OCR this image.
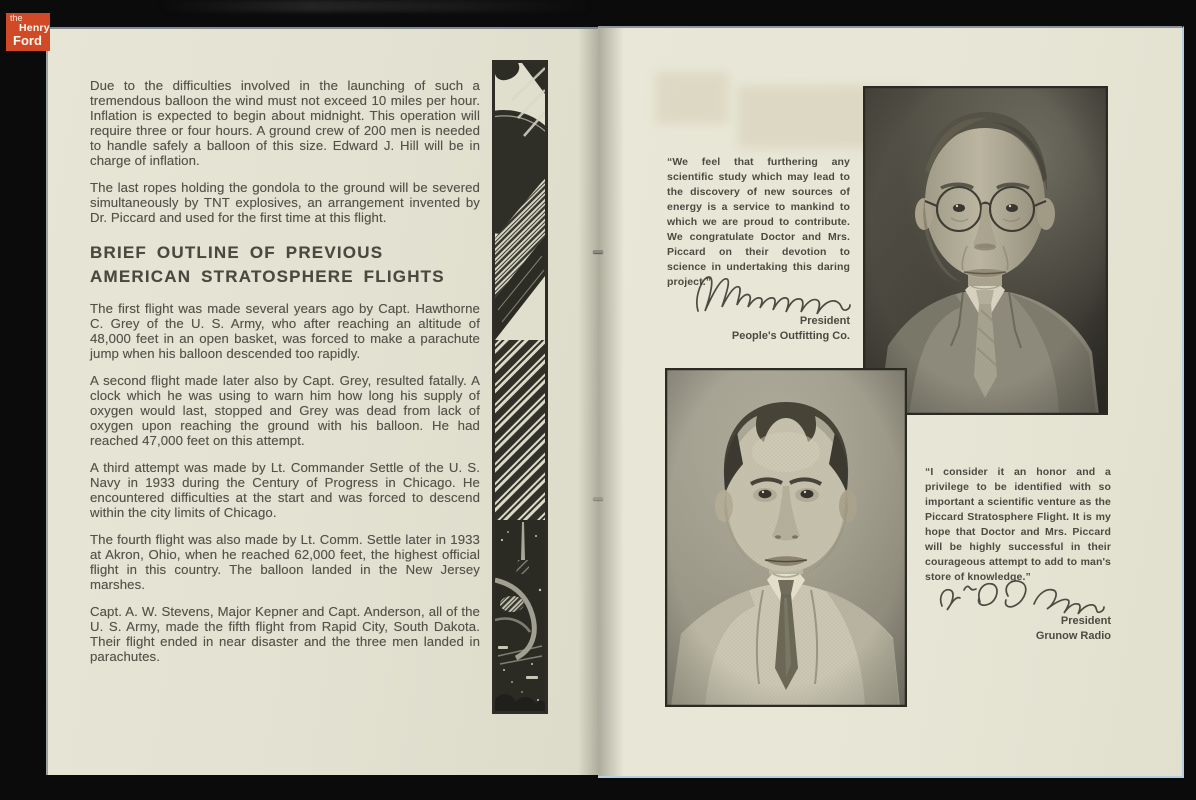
the
Henry
Ford

Due to the difficulties involved in the launching of such a tremendous balloon the wind must not exceed 10 miles per hour. Inflation is expected to begin about midnight. This operation will require three or four hours. A ground crew of 200 men is needed to handle safely a balloon of this size. Edward J. Hill will be in charge of inflation.

The last ropes holding the gondola to the ground will be severed simultaneously by TNT explosives, an arrangement invented by Dr. Piccard and used for the first time at this flight.

BRIEF OUTLINE OF PREVIOUS AMERICAN STRATOSPHERE FLIGHTS

The first flight was made several years ago by Capt. Hawthorne C. Grey of the U. S. Army, who after reaching an altitude of 48,000 feet in an open basket, was forced to make a parachute jump when his balloon descended too rapidly.

A second flight made later also by Capt. Grey, resulted fatally. A clock which he was using to warn him how long his supply of oxygen would last, stopped and Grey was dead from lack of oxygen upon reaching the ground with his balloon. He had reached 47,000 feet on this attempt.

A third attempt was made by Lt. Commander Settle of the U. S. Navy in 1933 during the Century of Progress in Chicago. He encountered difficulties at the start and was forced to descend within the city limits of Chicago.

The fourth flight was also made by Lt. Comm. Settle later in 1933 at Akron, Ohio, when he reached 62,000 feet, the highest official flight in this country. The balloon landed in the New Jersey marshes.

Capt. A. W. Stevens, Major Kepner and Capt. Anderson, all of the U. S. Army, made the fifth flight from Rapid City, South Dakota. Their flight ended in near disaster and the three men landed in parachutes.

“We feel that furthering any scientific study which may lead to the discovery of new sources of energy is a service to mankind to which we are proud to contribute. We congratulate Doctor and Mrs. Piccard on their devotion to science in undertaking this daring project.”

President
People's Outfitting Co.

“I consider it an honor and a privilege to be identified with so important a scientific venture as the Piccard Stratosphere Flight. It is my hope that Doctor and Mrs. Piccard will be highly successful in their courageous attempt to add to man's store of knowledge.”

President
Grunow Radio
